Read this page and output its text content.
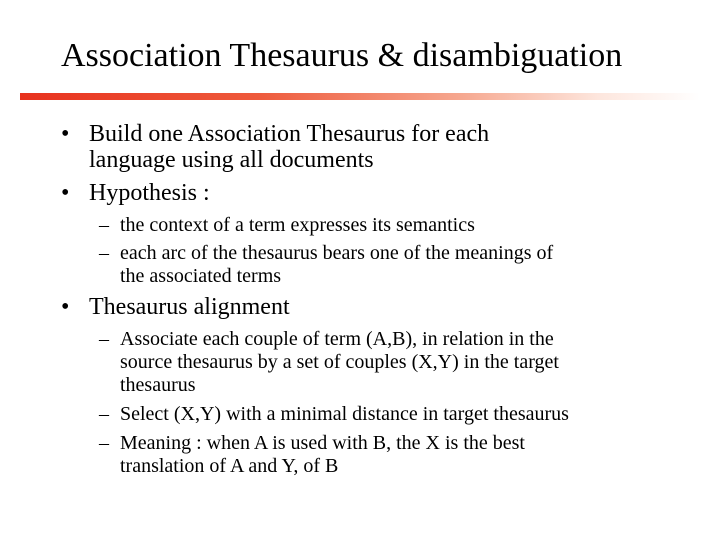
Association Thesaurus & disambiguation
• Build one Association Thesaurus for each
language using all documents
• Hypothesis :
– the context of a term expresses its semantics
– each arc of the thesaurus bears one of the meanings of
the associated terms
• Thesaurus alignment
– Associate each couple of term (A,B), in relation in the
source thesaurus by a set of couples (X,Y) in the target
thesaurus
– Select (X,Y) with a minimal distance in target thesaurus
– Meaning : when A is used with B, the X is the best
translation of A and Y, of B
